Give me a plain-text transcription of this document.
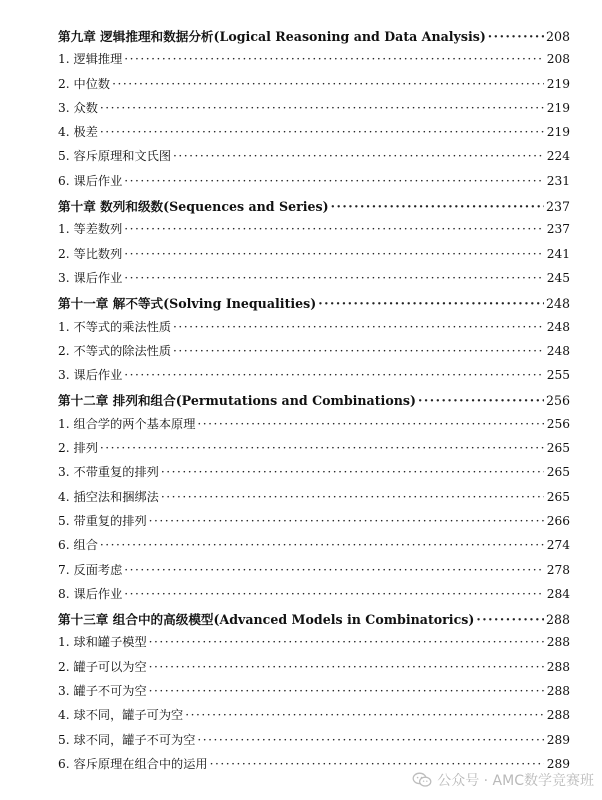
第九章 逻辑推理和数据分析(Logical Reasoning and Data Analysis) ·····	208
1. 逻辑推理 ·····	208
2. 中位数 ·····	219
3. 众数 ·····	219
4. 极差 ·····	219
5. 容斥原理和文氏图 ·····	224
6. 课后作业 ·····	231
第十章 数列和级数(Sequences and Series) ·····	237
1. 等差数列 ·····	237
2. 等比数列 ·····	241
3. 课后作业 ·····	245
第十一章 解不等式(Solving Inequalities) ·····	248
1. 不等式的乘法性质 ·····	248
2. 不等式的除法性质 ·····	248
3. 课后作业 ·····	255
第十二章 排列和组合(Permutations and Combinations) ·····	256
1. 组合学的两个基本原理 ·····	256
2. 排列 ·····	265
3. 不带重复的排列 ·····	265
4. 插空法和捆绑法 ·····	265
5. 带重复的排列 ·····	266
6. 组合 ·····	274
7. 反面考虑 ·····	278
8. 课后作业 ·····	284
第十三章 组合中的高级模型(Advanced Models in Combinatorics) ·····	288
1. 球和罐子模型 ·····	288
2. 罐子可以为空 ·····	288
3. 罐子不可为空 ·····	288
4. 球不同，罐子可为空 ·····	288
5. 球不同，罐子不可为空 ·····	289
6. 容斥原理在组合中的运用 ·····	289
公众号 · AMC数学竞赛班
